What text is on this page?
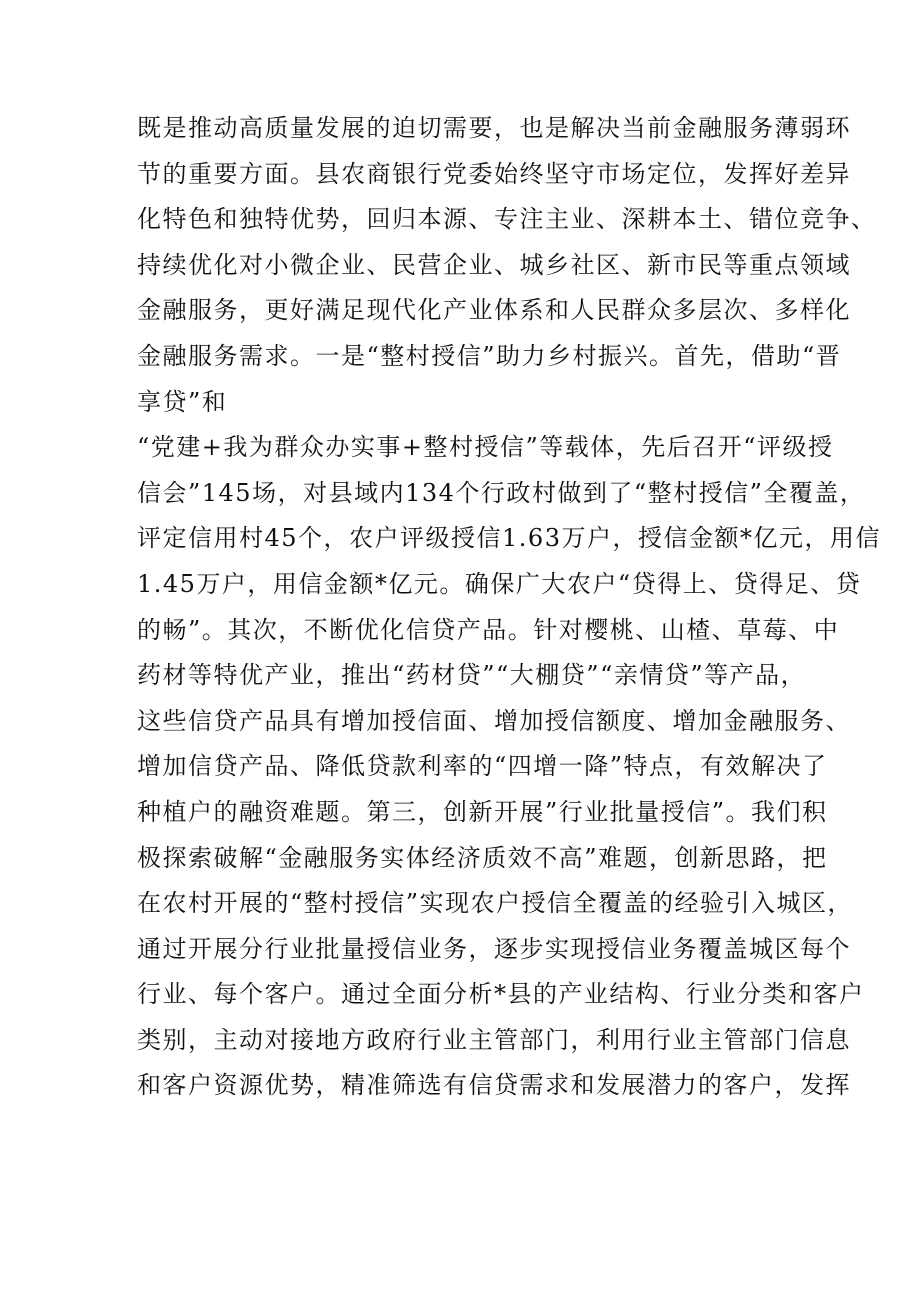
既是推动高质量发展的迫切需要，也是解决当前金融服务薄弱环
节的重要方面。县农商银行党委始终坚守市场定位，发挥好差异
化特色和独特优势，回归本源、专注主业、深耕本土、错位竞争、
持续优化对小微企业、民营企业、城乡社区、新市民等重点领域
金融服务，更好满足现代化产业体系和人民群众多层次、多样化
金融服务需求。一是“整村授信”助力乡村振兴。首先，借助“晋
享贷”和
“党建+我为群众办实事+整村授信”等载体，先后召开“评级授
信会”145场，对县域内134个行政村做到了“整村授信”全覆盖，
评定信用村45个，农户评级授信1.63万户，授信金额*亿元，用信
1.45万户，用信金额*亿元。确保广大农户“贷得上、贷得足、贷
的畅”。其次，不断优化信贷产品。针对樱桃、山楂、草莓、中
药材等特优产业，推出“药材贷”“大棚贷”“亲情贷”等产品，
这些信贷产品具有增加授信面、增加授信额度、增加金融服务、
增加信贷产品、降低贷款利率的“四增一降”特点，有效解决了
种植户的融资难题。第三，创新开展”行业批量授信”。我们积
极探索破解“金融服务实体经济质效不高”难题，创新思路，把
在农村开展的“整村授信”实现农户授信全覆盖的经验引入城区，
通过开展分行业批量授信业务，逐步实现授信业务覆盖城区每个
行业、每个客户。通过全面分析*县的产业结构、行业分类和客户
类别，主动对接地方政府行业主管部门，利用行业主管部门信息
和客户资源优势，精准筛选有信贷需求和发展潜力的客户，发挥
